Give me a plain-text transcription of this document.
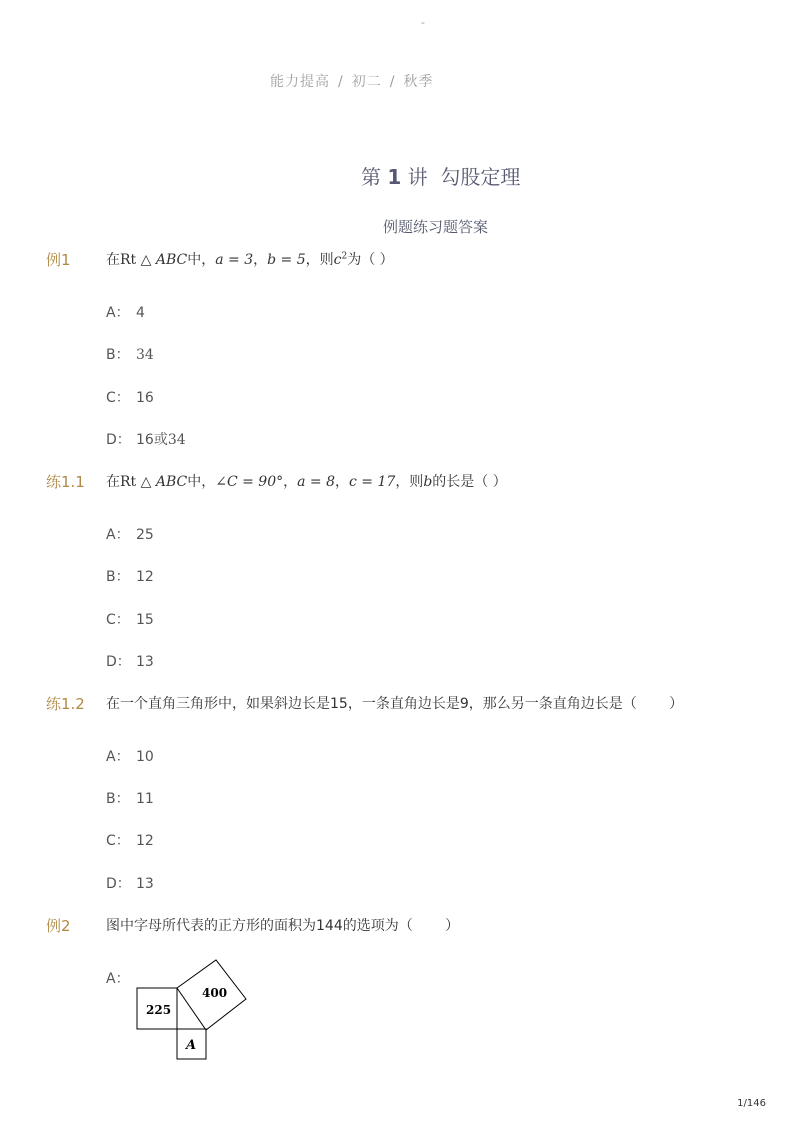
-
能力提高 / 初二 / 秋季
第 1 讲 勾股定理
例题练习题答案
例1	在Rt △ ABC中，a = 3，b = 5，则$c^2$为（ ）
A： 4
B： 34
C： 16
D： 16或34
练1.1 在Rt △ ABC中，∠C = 90°，a = 8，c = 17，则b的长是（ ）
A： 25
B： 12
C： 15
D： 13
练1.2 在一个直角三角形中，如果斜边长是15，一条直角边长是9，那么另一条直角边长是（　　 ）
A： 10
B： 11
C： 12
D： 13
例2	图中字母所代表的正方形的面积为144的选项为（　　 ）
A：
225
400
A
1/146
